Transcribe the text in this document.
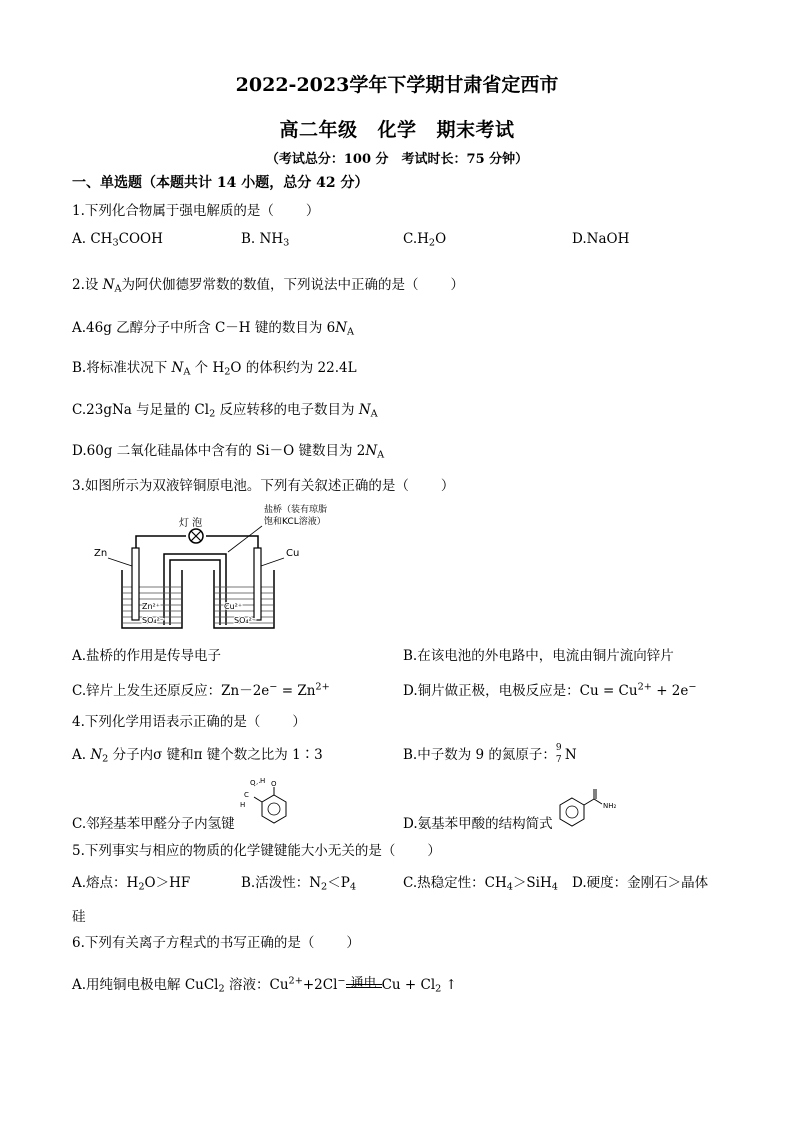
2022-2023学年下学期甘肃省定西市
高二年级 化学 期末考试
（考试总分：100 分　考试时长：75 分钟）
一、单选题（本题共计 14 小题，总分 42 分）
1.下列化合物属于强电解质的是（ ）
A. $CH_3COOH$	B. $NH_3$	$C.H_2O$	D.NaOH
2.设 $N_A$为阿伏伽德罗常数的数值，下列说法中正确的是（ ）
A.46g 乙醇分子中所含 C－H 键的数目为 $6N_A$
B.将标准状况下 $N_A$ 个 $H_2O$ 的体积约为 22.4L
C.23gNa 与足量的 $Cl_2$ 反应转移的电子数目为 $N_A$
D.60g 二氧化硅晶体中含有的 Si－O 键数目为 $2N_A$
3.如图所示为双液锌铜原电池。下列有关叙述正确的是（ ）
灯 泡
盐桥（装有琼脂
饱和KCL溶液）
Zn	Cu
Zn²⁺
SO₄²⁻
Cu²⁺
SO₄²⁻
A.盐桥的作用是传导电子	B.在该电池的外电路中，电流由铜片流向锌片
C.锌片上发生还原反应：$Zn-2e^- = Zn^{2+}$	D.铜片做正极，电极反应是：$Cu = Cu^{2+} + 2e^-$
4.下列化学用语表示正确的是（ ）
A. $N_2$ 分子内σ 键和π 键个数之比为 1∶3	B.中子数为 9 的氮原子： 9
7 N
O
H
C
H
O
C.邻羟基苯甲醛分子内氢键	D.氨基苯甲酸的结构简式
NH₂
5.下列事实与相应的物质的化学键键能大小无关的是（ ）
A.熔点：$H_2O>HF$	B.活泼性：$N_2<P_4$	C.热稳定性：$CH_4>SiH_4$ D.硬度：金刚石＞晶体
硅
6.下列有关离子方程式的书写正确的是（ ）
A.用纯铜电极电解 CuCl$_2$ 溶液：$Cu^{2+}+2Cl^-$ 通电 $Cu + Cl_2$ ↑
